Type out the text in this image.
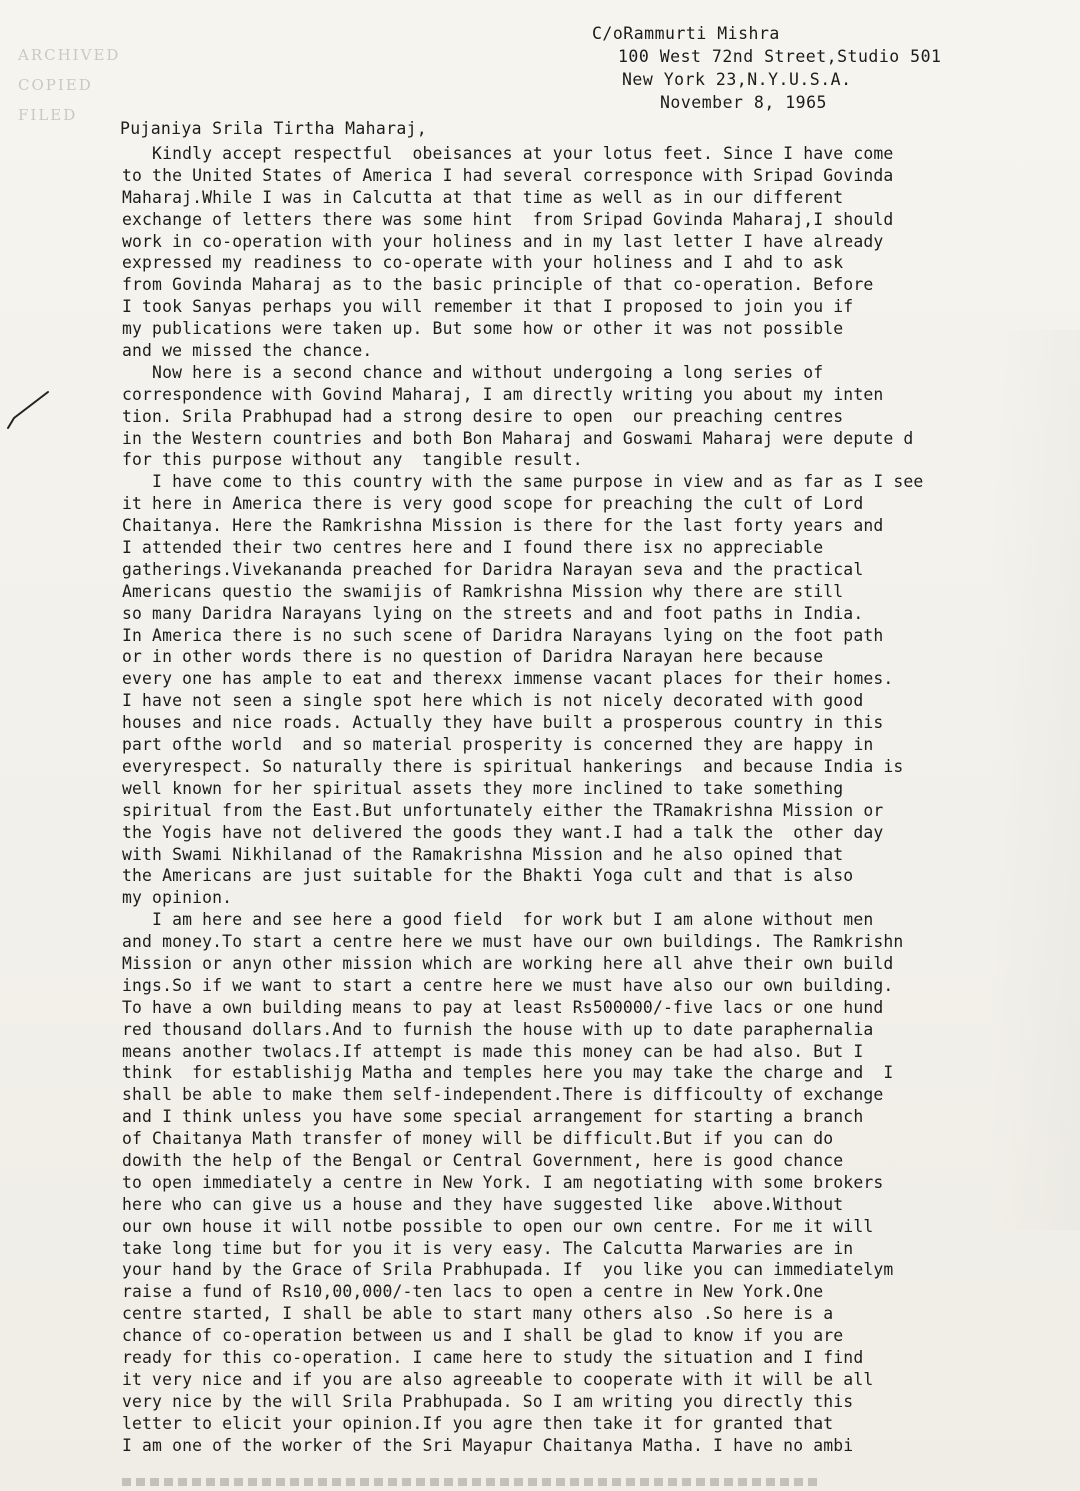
ARCHIVED
COPIED
FILED
C/oRammurti Mishra
100 West 72nd Street,Studio 501
New York 23,N.Y.U.S.A.
November 8, 1965
Pujaniya Srila Tirtha Maharaj,
Kindly accept respectful  obeisances at your lotus feet. Since I have come
to the United States of America I had several corresponce with Sripad Govinda
Maharaj.While I was in Calcutta at that time as well as in our different
exchange of letters there was some hint  from Sripad Govinda Maharaj,I should
work in co-operation with your holiness and in my last letter I have already
expressed my readiness to co-operate with your holiness and I ahd to ask
from Govinda Maharaj as to the basic principle of that co-operation. Before
I took Sanyas perhaps you will remember it that I proposed to join you if
my publications were taken up. But some how or other it was not possible
and we missed the chance.
Now here is a second chance and without undergoing a long series of
correspondence with Govind Maharaj, I am directly writing you about my inten
tion. Srila Prabhupad had a strong desire to open  our preaching centres
in the Western countries and both Bon Maharaj and Goswami Maharaj were depute d
for this purpose without any  tangible result.
I have come to this country with the same purpose in view and as far as I see
it here in America there is very good scope for preaching the cult of Lord
Chaitanya. Here the Ramkrishna Mission is there for the last forty years and
I attended their two centres here and I found there isx no appreciable
gatherings.Vivekananda preached for Daridra Narayan seva and the practical
Americans questio the swamijis of Ramkrishna Mission why there are still
so many Daridra Narayans lying on the streets and and foot paths in India.
In America there is no such scene of Daridra Narayans lying on the foot path
or in other words there is no question of Daridra Narayan here because
every one has ample to eat and therexx immense vacant places for their homes.
I have not seen a single spot here which is not nicely decorated with good
houses and nice roads. Actually they have built a prosperous country in this
part ofthe world  and so material prosperity is concerned they are happy in
everyrespect. So naturally there is spiritual hankerings  and because India is
well known for her spiritual assets they more inclined to take something
spiritual from the East.But unfortunately either the TRamakrishna Mission or
the Yogis have not delivered the goods they want.I had a talk the  other day
with Swami Nikhilanad of the Ramakrishna Mission and he also opined that
the Americans are just suitable for the Bhakti Yoga cult and that is also
my opinion.
I am here and see here a good field  for work but I am alone without men
and money.To start a centre here we must have our own buildings. The Ramkrishn
Mission or anyn other mission which are working here all ahve their own build
ings.So if we want to start a centre here we must have also our own building.
To have a own building means to pay at least Rs500000/-five lacs or one hund
red thousand dollars.And to furnish the house with up to date paraphernalia
means another twolacs.If attempt is made this money can be had also. But I
think  for establishijg Matha and temples here you may take the charge and  I
shall be able to make them self-independent.There is difficoulty of exchange
and I think unless you have some special arrangement for starting a branch
of Chaitanya Math transfer of money will be difficult.But if you can do
dowith the help of the Bengal or Central Government, here is good chance
to open immediately a centre in New York. I am negotiating with some brokers
here who can give us a house and they have suggested like  above.Without
our own house it will notbe possible to open our own centre. For me it will
take long time but for you it is very easy. The Calcutta Marwaries are in
your hand by the Grace of Srila Prabhupada. If  you like you can immediatelym
raise a fund of Rs10,00,000/-ten lacs to open a centre in New York.One
centre started, I shall be able to start many others also .So here is a
chance of co-operation between us and I shall be glad to know if you are
ready for this co-operation. I came here to study the situation and I find
it very nice and if you are also agreeable to cooperate with it will be all
very nice by the will Srila Prabhupada. So I am writing you directly this
letter to elicit your opinion.If you agre then take it for granted that
I am one of the worker of the Sri Mayapur Chaitanya Matha. I have no ambi
